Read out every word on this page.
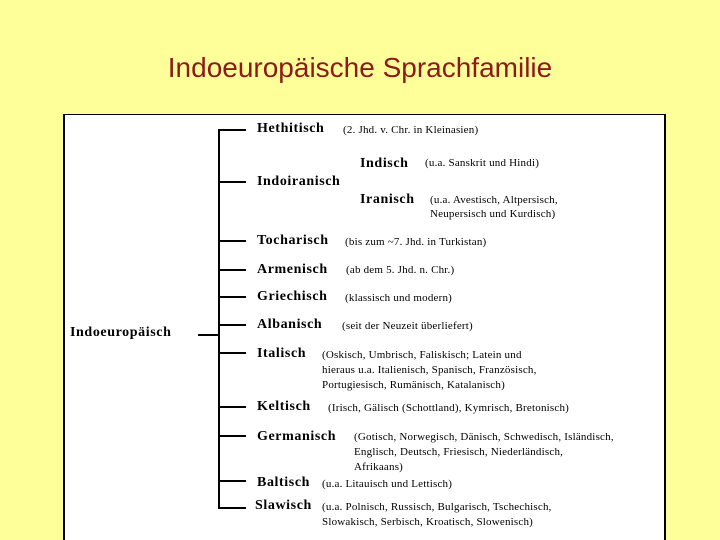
Indoeuropäische Sprachfamilie
Indoeuropäisch
Hethitisch (2. Jhd. v. Chr. in Kleinasien)
Indoiranisch
Indisch (u.a. Sanskrit und Hindi)
Iranisch (u.a. Avestisch, Altpersisch,
Neupersisch und Kurdisch)
Tocharisch (bis zum ~7. Jhd. in Turkistan)
Armenisch (ab dem 5. Jhd. n. Chr.)
Griechisch (klassisch und modern)
Albanisch (seit der Neuzeit überliefert)
Italisch (Oskisch, Umbrisch, Faliskisch; Latein und
hieraus u.a. Italienisch, Spanisch, Französisch,
Portugiesisch, Rumänisch, Katalanisch)
Keltisch (Irisch, Gälisch (Schottland), Kymrisch, Bretonisch)
Germanisch (Gotisch, Norwegisch, Dänisch, Schwedisch, Isländisch,
Englisch, Deutsch, Friesisch, Niederländisch,
Afrikaans)
Baltisch (u.a. Litauisch und Lettisch)
Slawisch (u.a. Polnisch, Russisch, Bulgarisch, Tschechisch,
Slowakisch, Serbisch, Kroatisch, Slowenisch)
